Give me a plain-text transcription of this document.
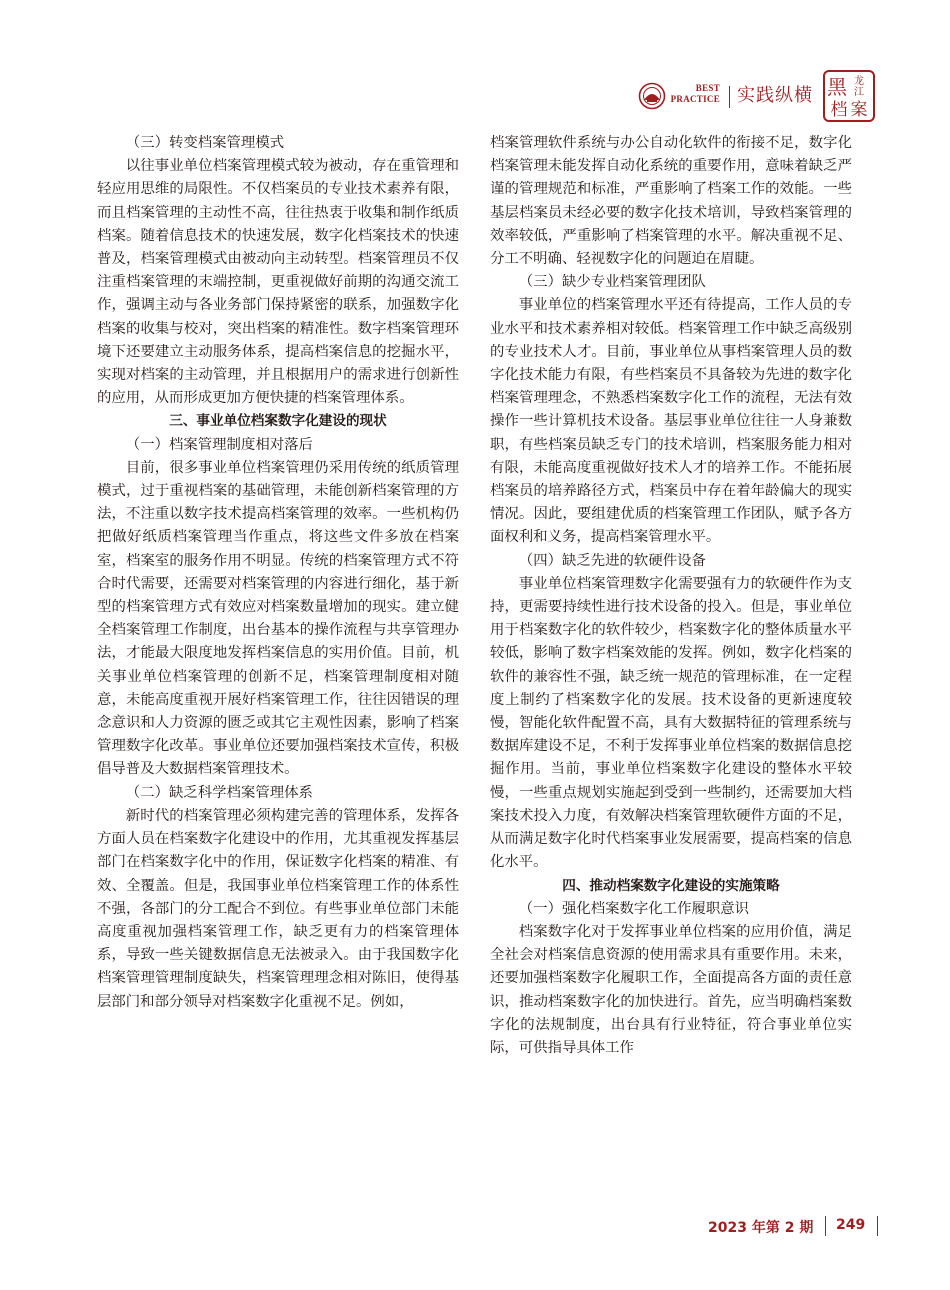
BEST
PRACTICE 实践纵横 黑 龙
江
档 案

（三）转变档案管理模式

以往事业单位档案管理模式较为被动，存在重管理和轻应用思维的局限性。不仅档案员的专业技术素养有限，而且档案管理的主动性不高，往往热衷于收集和制作纸质档案。随着信息技术的快速发展，数字化档案技术的快速普及，档案管理模式由被动向主动转型。档案管理员不仅注重档案管理的末端控制，更重视做好前期的沟通交流工作，强调主动与各业务部门保持紧密的联系，加强数字化档案的收集与校对，突出档案的精准性。数字档案管理环境下还要建立主动服务体系，提高档案信息的挖掘水平，实现对档案的主动管理，并且根据用户的需求进行创新性的应用，从而形成更加方便快捷的档案管理体系。

三、事业单位档案数字化建设的现状

（一）档案管理制度相对落后

目前，很多事业单位档案管理仍采用传统的纸质管理模式，过于重视档案的基础管理，未能创新档案管理的方法，不注重以数字技术提高档案管理的效率。一些机构仍把做好纸质档案管理当作重点，将这些文件多放在档案室，档案室的服务作用不明显。传统的档案管理方式不符合时代需要，还需要对档案管理的内容进行细化，基于新型的档案管理方式有效应对档案数量增加的现实。建立健全档案管理工作制度，出台基本的操作流程与共享管理办法，才能最大限度地发挥档案信息的实用价值。目前，机关事业单位档案管理的创新不足，档案管理制度相对随意，未能高度重视开展好档案管理工作，往往因错误的理念意识和人力资源的匮乏或其它主观性因素，影响了档案管理数字化改革。事业单位还要加强档案技术宣传，积极倡导普及大数据档案管理技术。

（二）缺乏科学档案管理体系

新时代的档案管理必须构建完善的管理体系，发挥各方面人员在档案数字化建设中的作用，尤其重视发挥基层部门在档案数字化中的作用，保证数字化档案的精准、有效、全覆盖。但是，我国事业单位档案管理工作的体系性不强，各部门的分工配合不到位。有些事业单位部门未能高度重视加强档案管理工作，缺乏更有力的档案管理体系，导致一些关键数据信息无法被录入。由于我国数字化档案管理管理制度缺失，档案管理理念相对陈旧，使得基层部门和部分领导对档案数字化重视不足。例如，

档案管理软件系统与办公自动化软件的衔接不足，数字化档案管理未能发挥自动化系统的重要作用，意味着缺乏严谨的管理规范和标准，严重影响了档案工作的效能。一些基层档案员未经必要的数字化技术培训，导致档案管理的效率较低，严重影响了档案管理的水平。解决重视不足、分工不明确、轻视数字化的问题迫在眉睫。

（三）缺少专业档案管理团队

事业单位的档案管理水平还有待提高，工作人员的专业水平和技术素养相对较低。档案管理工作中缺乏高级别的专业技术人才。目前，事业单位从事档案管理人员的数字化技术能力有限，有些档案员不具备较为先进的数字化档案管理理念，不熟悉档案数字化工作的流程，无法有效操作一些计算机技术设备。基层事业单位往往一人身兼数职，有些档案员缺乏专门的技术培训，档案服务能力相对有限，未能高度重视做好技术人才的培养工作。不能拓展档案员的培养路径方式，档案员中存在着年龄偏大的现实情况。因此，要组建优质的档案管理工作团队，赋予各方面权利和义务，提高档案管理水平。

（四）缺乏先进的软硬件设备

事业单位档案管理数字化需要强有力的软硬件作为支持，更需要持续性进行技术设备的投入。但是，事业单位用于档案数字化的软件较少，档案数字化的整体质量水平较低，影响了数字档案效能的发挥。例如，数字化档案的软件的兼容性不强，缺乏统一规范的管理标准，在一定程度上制约了档案数字化的发展。技术设备的更新速度较慢，智能化软件配置不高，具有大数据特征的管理系统与数据库建设不足，不利于发挥事业单位档案的数据信息挖掘作用。当前，事业单位档案数字化建设的整体水平较慢，一些重点规划实施起到受到一些制约，还需要加大档案技术投入力度，有效解决档案管理软硬件方面的不足，从而满足数字化时代档案事业发展需要，提高档案的信息化水平。

四、推动档案数字化建设的实施策略

（一）强化档案数字化工作履职意识

档案数字化对于发挥事业单位档案的应用价值，满足全社会对档案信息资源的使用需求具有重要作用。未来，还要加强档案数字化履职工作，全面提高各方面的责任意识，推动档案数字化的加快进行。首先，应当明确档案数字化的法规制度，出台具有行业特征，符合事业单位实际，可供指导具体工作

2023 年第 2 期 249
